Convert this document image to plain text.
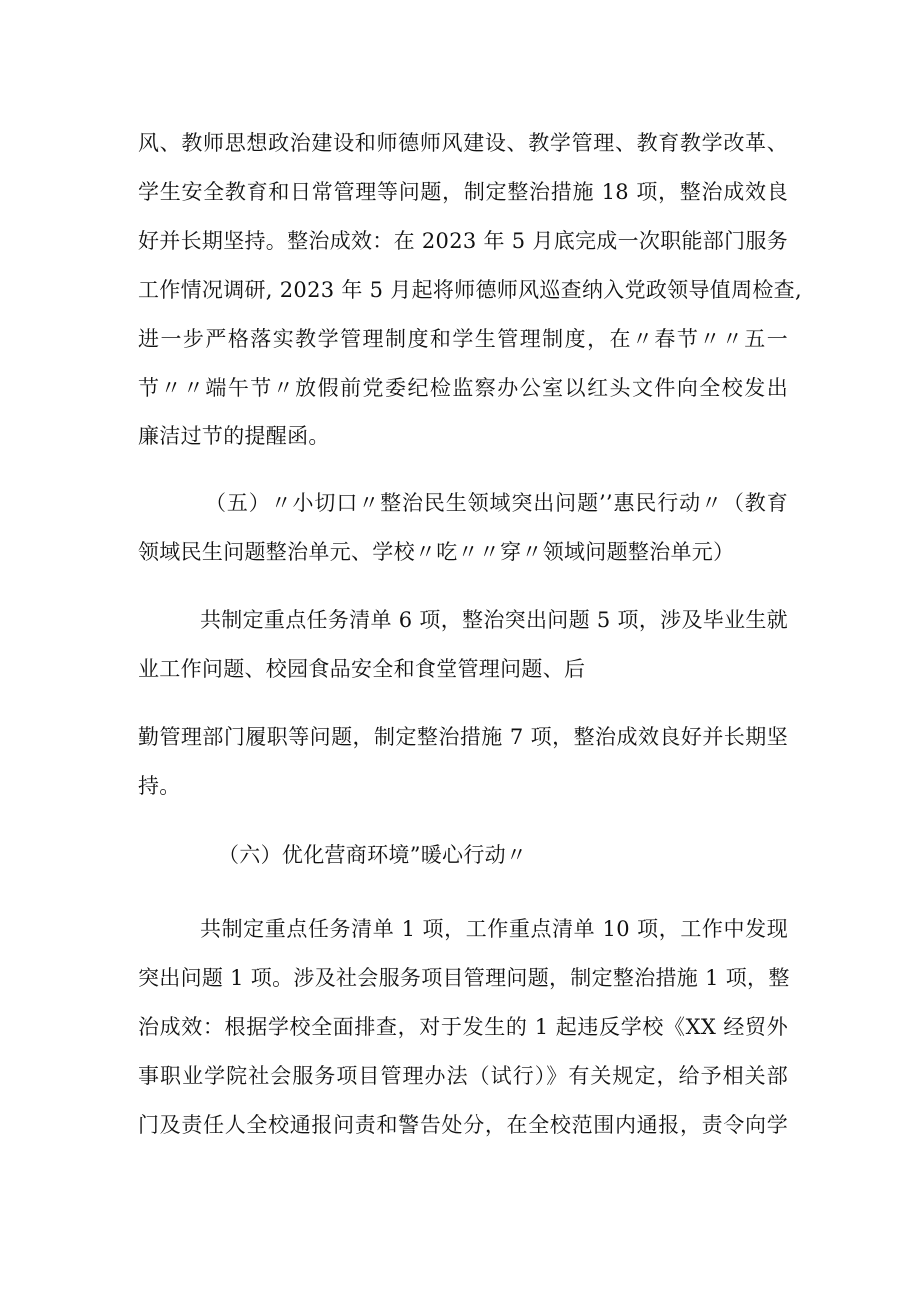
风、教师思想政治建设和师德师风建设、教学管理、教育教学改革、
学生安全教育和日常管理等问题，制定整治措施 18 项，整治成效良
好并长期坚持。整治成效：在 2023 年 5 月底完成一次职能部门服务
工作情况调研, 2023 年 5 月起将师德师风巡查纳入党政领导值周检查,
进一步严格落实教学管理制度和学生管理制度，在〃春节〃〃五一
节〃〃端午节〃放假前党委纪检监察办公室以红头文件向全校发出
廉洁过节的提醒函。
（五）〃小切口〃整治民生领域突出问题’’惠民行动〃（教育
领域民生问题整治单元、学校〃吃〃〃穿〃领域问题整治单元）
共制定重点任务清单 6 项，整治突出问题 5 项，涉及毕业生就
业工作问题、校园食品安全和食堂管理问题、后
勤管理部门履职等问题，制定整治措施 7 项，整治成效良好并长期坚
持。
（六）优化营商环境”暖心行动〃
共制定重点任务清单 1 项，工作重点清单 10 项，工作中发现
突出问题 1 项。涉及社会服务项目管理问题，制定整治措施 1 项，整
治成效：根据学校全面排查，对于发生的 1 起违反学校《XX 经贸外
事职业学院社会服务项目管理办法（试行）》有关规定，给予相关部
门及责任人全校通报问责和警告处分，在全校范围内通报，责令向学
